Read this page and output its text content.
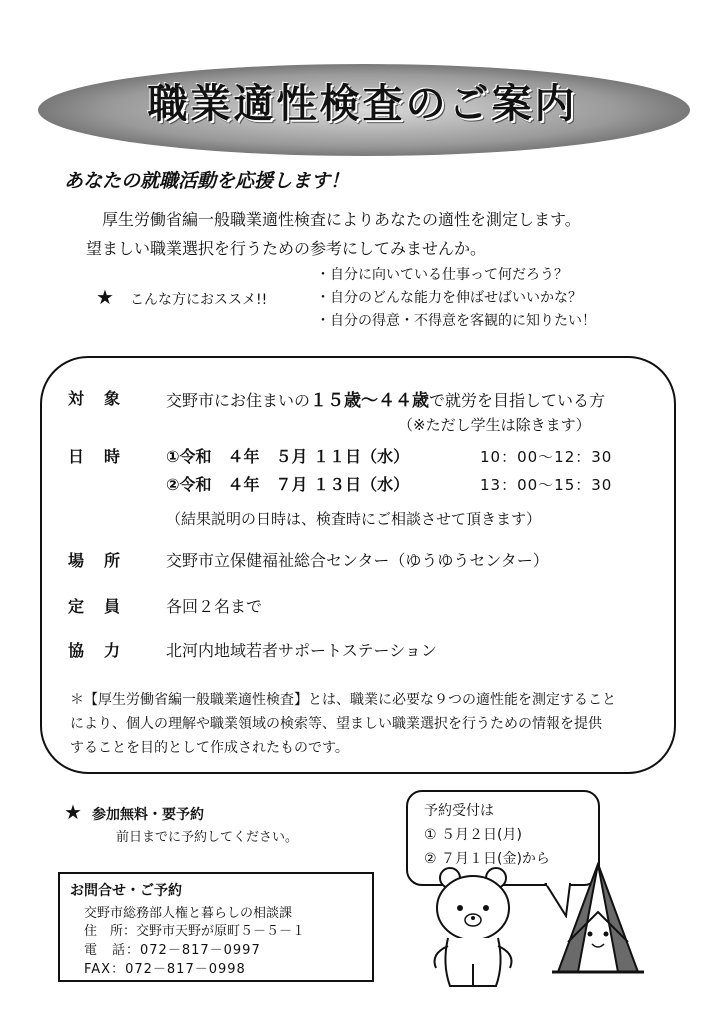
職業適性検査のご案内
あなたの就職活動を応援します！
厚生労働省編一般職業適性検査によりあなたの適性を測定します。
望ましい職業選択を行うための参考にしてみませんか。
★ こんな方におススメ!!
・自分に向いている仕事って何だろう？
・自分のどんな能力を伸ばせばいいかな？
・自分の得意・不得意を客観的に知りたい！
対 象	交野市にお住まいの１５歳～４４歳で就労を目指している方
（※ただし学生は除きます）
日 時	①令和　４年　５月 １１日（水）	10：00～12：30
②令和　４年　７月 １３日（水）	13：00～15：30
（結果説明の日時は、検査時にご相談させて頂きます）
場 所	交野市立保健福祉総合センター（ゆうゆうセンター）
定 員	各回２名まで
協 力	北河内地域若者サポートステーション
＊【厚生労働省編一般職業適性検査】とは、職業に必要な９つの適性能を測定すること
により、個人の理解や職業領域の検索等、望ましい職業選択を行うための情報を提供
することを目的として作成されたものです。
★ 参加無料・要予約
前日までに予約してください。
予約受付は
① ５月２日(月)
② ７月１日(金)から
お問合せ・ご予約
交野市総務部人権と暮らしの相談課
住　所：交野市天野が原町５－５－１
電　話：072－817－0997
FAX：072－817－0998
